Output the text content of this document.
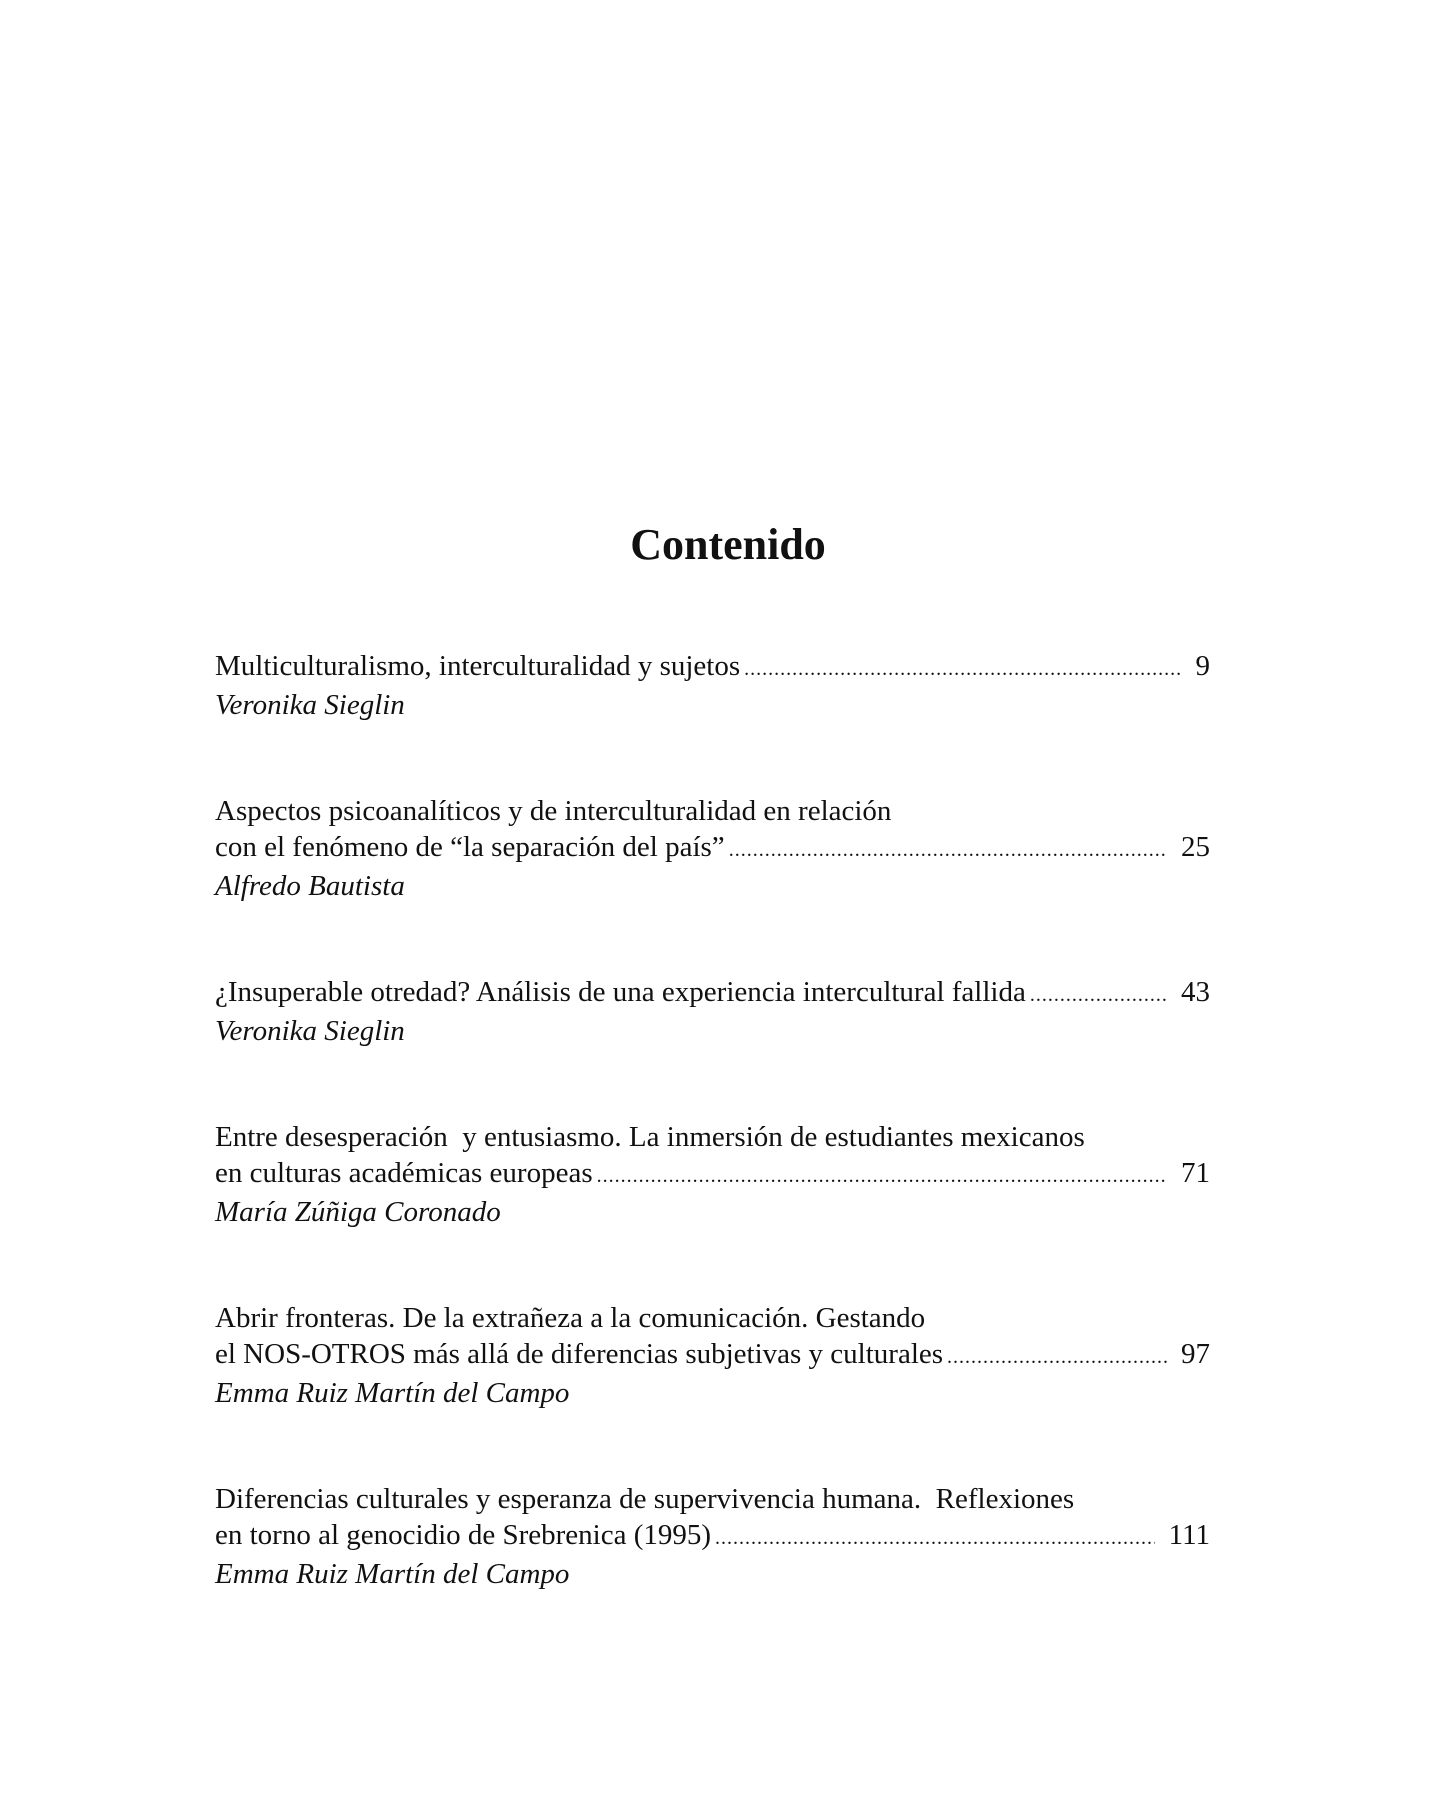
Contenido
Multiculturalismo, interculturalidad y sujetos .....	9
Veronika Sieglin
Aspectos psicoanalíticos y de interculturalidad en relación
con el fenómeno de “la separación del país” .....	25
Alfredo Bautista
¿Insuperable otredad? Análisis de una experiencia intercultural fallida .....	43
Veronika Sieglin
Entre desesperación  y entusiasmo. La inmersión de estudiantes mexicanos
en culturas académicas europeas .....	71
María Zúñiga Coronado
Abrir fronteras. De la extrañeza a la comunicación. Gestando
el NOS-OTROS más allá de diferencias subjetivas y culturales .....	97
Emma Ruiz Martín del Campo
Diferencias culturales y esperanza de supervivencia humana.  Reflexiones
en torno al genocidio de Srebrenica (1995) .....	111
Emma Ruiz Martín del Campo
